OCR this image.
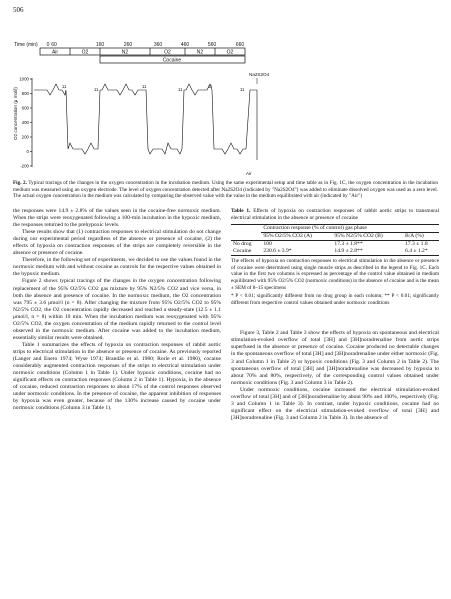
506
Time (min) 0 60	160	260	360	460	560	660
Air	O2	N2	O2	N2	O2
Cocaine
1000
800
600
400
200
0
-200
O2 concentration (μ mol/l)
Na2S2O4
11
11
11
11
11
11
Air
Fig. 2. Typical tracings of the changes in the oxygen concentration in the incubation medium. Using the same experimental setup and time table as in Fig. 1C, the oxygen concentration in the incubation medium was measured using an oxygen electrode. The level of oxygen concentration detected after Na2S2O4 (indicated by "Na2S2O4") was added to eliminate dissolved oxygen was used as a zero level. The actual oxygen concentration in the medium was calculated by comparing the observed value with the value in the medium equilibrated with air (indicated by "Air")

the responses were 14.9 ± 2.8% of the values seen in the cocaine-free normoxic medium. When the strips were reoxygenated following a 100-min incubation in the hypoxic medium, the responses returned to the prehypoxic levels.

These results show that (1) contraction responses to electrical stimulation do not change during our experimental period regardless of the absence or presence of cocaine, (2) the effects of hypoxia on contraction responses of the strips are completely reversible in the absence or presence of cocaine.

Therefore, in the following set of experiments, we decided to use the values found in the normoxic medium with and without cocaine as controls for the respective values obtained in the hypoxic medium.

Figure 2 shows typical tracings of the changes in the oxygen concentration following replacement of the 95% O2/5% CO2 gas mixture by 95% N2/5% CO2 and vice versa, in both the absence and presence of cocaine. In the normoxic medium, the O2 concentration was 795 ± 3.6 μmol/l (n = 8). After changing the mixture from 95% O2/5% CO2 to 95% N2/5% CO2, the O2 concentration rapidly decreased and reached a steady-state (12.5 ± 1.1 μmol/l, n = 8) within 10 min. When the incubation medium was reoxygenated with 95% O2/5% CO2, the oxygen concentration of the medium rapidly returned to the control level observed in the normoxic medium. After cocaine was added to the incubation medium, essentially similar results were obtained.

Table 1 summarizes the effects of hypoxia on contraction responses of rabbit aortic strips to electrical stimulation in the absence or presence of cocaine. As previously reported (Langer and Enero 1974; Wyse 1974; Brandão et al. 1980; Rorie et al. 1980), cocaine considerably augmented contraction responses of the strips to electrical stimulation under normoxic conditions (Column 1 in Table 1). Under hypoxic conditions, cocaine had no significant effects on contraction responses (Column 2 in Table 1). Hypoxia, in the absence of cocaine, reduced contraction responses to about 17% of the control responses observed under normoxic conditions. In the presence of cocaine, the apparent inhibition of responses by hypoxia was even greater, because of the 130% increase caused by cocaine under normoxic conditions (Column 3 in Table 1).

Table 1. Effects of hypoxia on contraction responses of rabbit aortic strips to transmural electrical stimulation in the absence or presence of cocaine
	Contraction response (% of control) gas phase		
	95% O2/5% CO2 (A)	95% N2/5% CO2 (B)	B/A (%)
No drug	100	17.3 ± 1.8**	17.3 ± 1.8
Cocaine	230.6 ± 3.9*	14.9 ± 2.8**	6.4 ± 1.2*
The effects of hypoxia on contraction responses to electrical stimulation in the absence or presence of cocaine were determined using single muscle strips as described in the legend to Fig. 1C. Each value in the first two columns is expressed as percentage of the control value obtained in medium equilibrated with 95% O2/5% CO2 (normoxic conditions) in the absence of cocaine and is the mean ± SEM of 8–15 specimens
* P < 0.01; significantly different from no drug group in each column; ** P < 0.01; significantly different from respective control values obtained under normoxic conditions

Figure 3, Table 2 and Table 3 show the effects of hypoxia on spontaneous and electrical stimulation-evoked overflow of total [3H] and [3H]noradrenaline from aortic strips superfused in the absence or presence of cocaine. Cocaine produced no detectable changes in the spontaneous overflow of total [3H] and [3H]noradrenaline under either normoxic (Fig. 3 and Column 1 in Table 2) or hypoxic conditions (Fig. 3 and Column 2 in Table 2). The spontaneous overflow of total [3H] and [3H]noradrenaline was decreased by hypoxia to about 70% and 80%, respectively, of the corresponding control values obtained under normoxic conditions (Fig. 3 and Column 3 in Table 2).

Under normoxic conditions, cocaine increased the electrical stimulation-evoked overflow of total [3H] and of [3H]noradrenaline by about 90% and 100%, respectively (Fig. 3 and Column 1 in Table 3). In contrast, under hypoxic conditions, cocaine had no significant effect on the electrical stimulation-evoked overflow of total [3H] and [3H]noradrenaline (Fig. 3 and Column 2 in Table 3). In the absence of
